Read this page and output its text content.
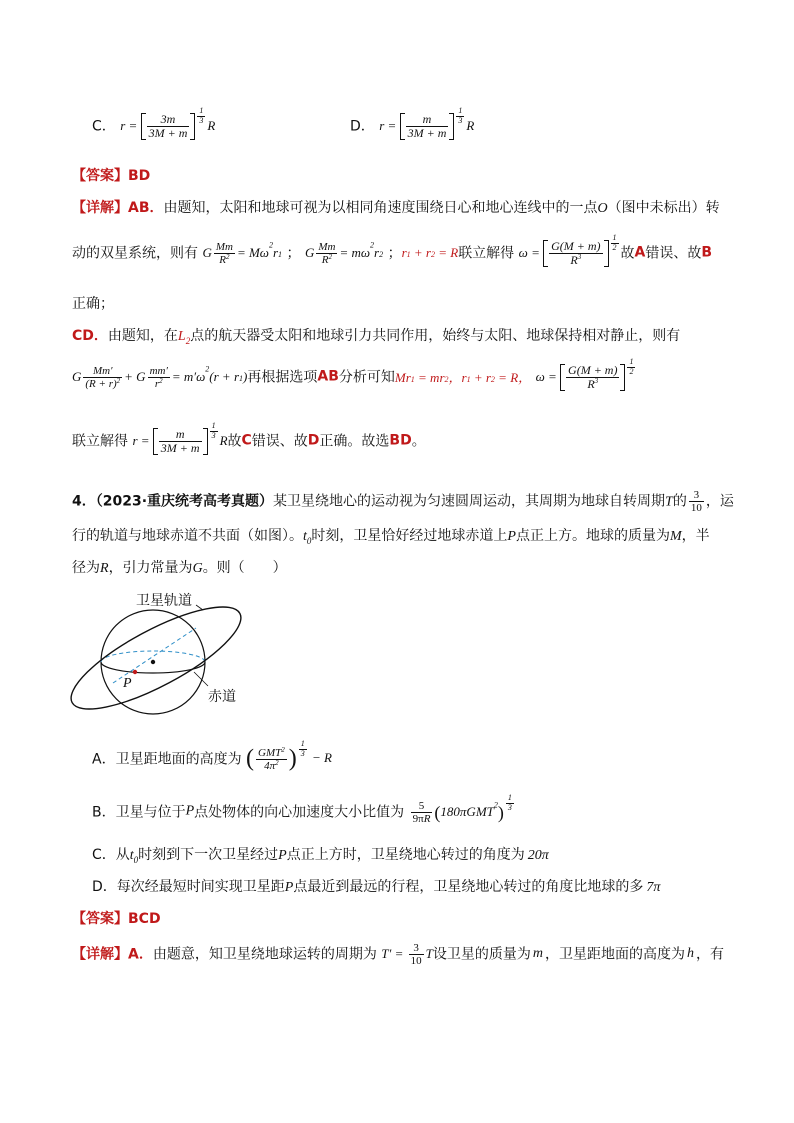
C． $r = \frac{3m}{3M + m} ^{\frac{1}{3}}$ R	D． $r = \frac{m}{3M + m} ^{\frac{1}{3}}$ R
【答案】BD
【详解】AB．由题知，太阳和地球可视为以相同角速度围绕日心和地心连线中的一点O（图中未标出）转
动的双星系统，则有 G $\frac{Mm}{R^2} = M\omega^2r1$ ； G $\frac{Mm}{R^2} = m\omega^2r2$ ；r1 + r2 = R联立解得 $\omega = \frac{G(M + m)}{R^3} ^{\frac{1}{2}}$
故A错误、故B
正确；
CD．由题知，在$L_2$点的航天器受太阳和地球引力共同作用，始终与太阳、地球保持相对静止，则有
G $\frac{Mm'}{(R + r)^2} + G \frac{mm'}{r^2} = m'\omega^2(r + r1)$再根据选项AB分析可知Mr1 = mr2，r1 + r2 = R， $\omega = \frac{G(M + m)}{R^3} ^{\frac{1}{2}}$
联立解得 $r = \frac{m}{3M + m} ^{\frac{1}{3}}$ R故C错误、故D正确。故选BD。
4．（2023·重庆统考高考真题）某卫星绕地心的运动视为匀速圆周运动，其周期为地球自转周期T的 $\frac{3}{10}$ ，运
行的轨道与地球赤道不共面（如图）。$t_0$时刻，卫星恰好经过地球赤道上P点正上方。地球的质量为M，半
径为R，引力常量为G。则（　　）
卫星轨道
赤道
P
A．卫星距地面的高度为 ( $\frac{GMT^2}{4\pi^2}$ ) $^{\frac{1}{3}}$ − R
B．卫星与位于P点处物体的向心加速度大小比值为 $\frac{5}{9\pi R} (180\pi GMT^2)$ $^{\frac{1}{3}}$
C．从$t_0$时刻到下一次卫星经过P点正上方时，卫星绕地心转过的角度为 20π
D．每次经最短时间实现卫星距P点最近到最远的行程，卫星绕地心转过的角度比地球的多 7π
【答案】BCD
【详解】A．由题意，知卫星绕地球运转的周期为 $T' = \frac{3}{10}$ T设卫星的质量为 m ，卫星距地面的高度为 h ，有
